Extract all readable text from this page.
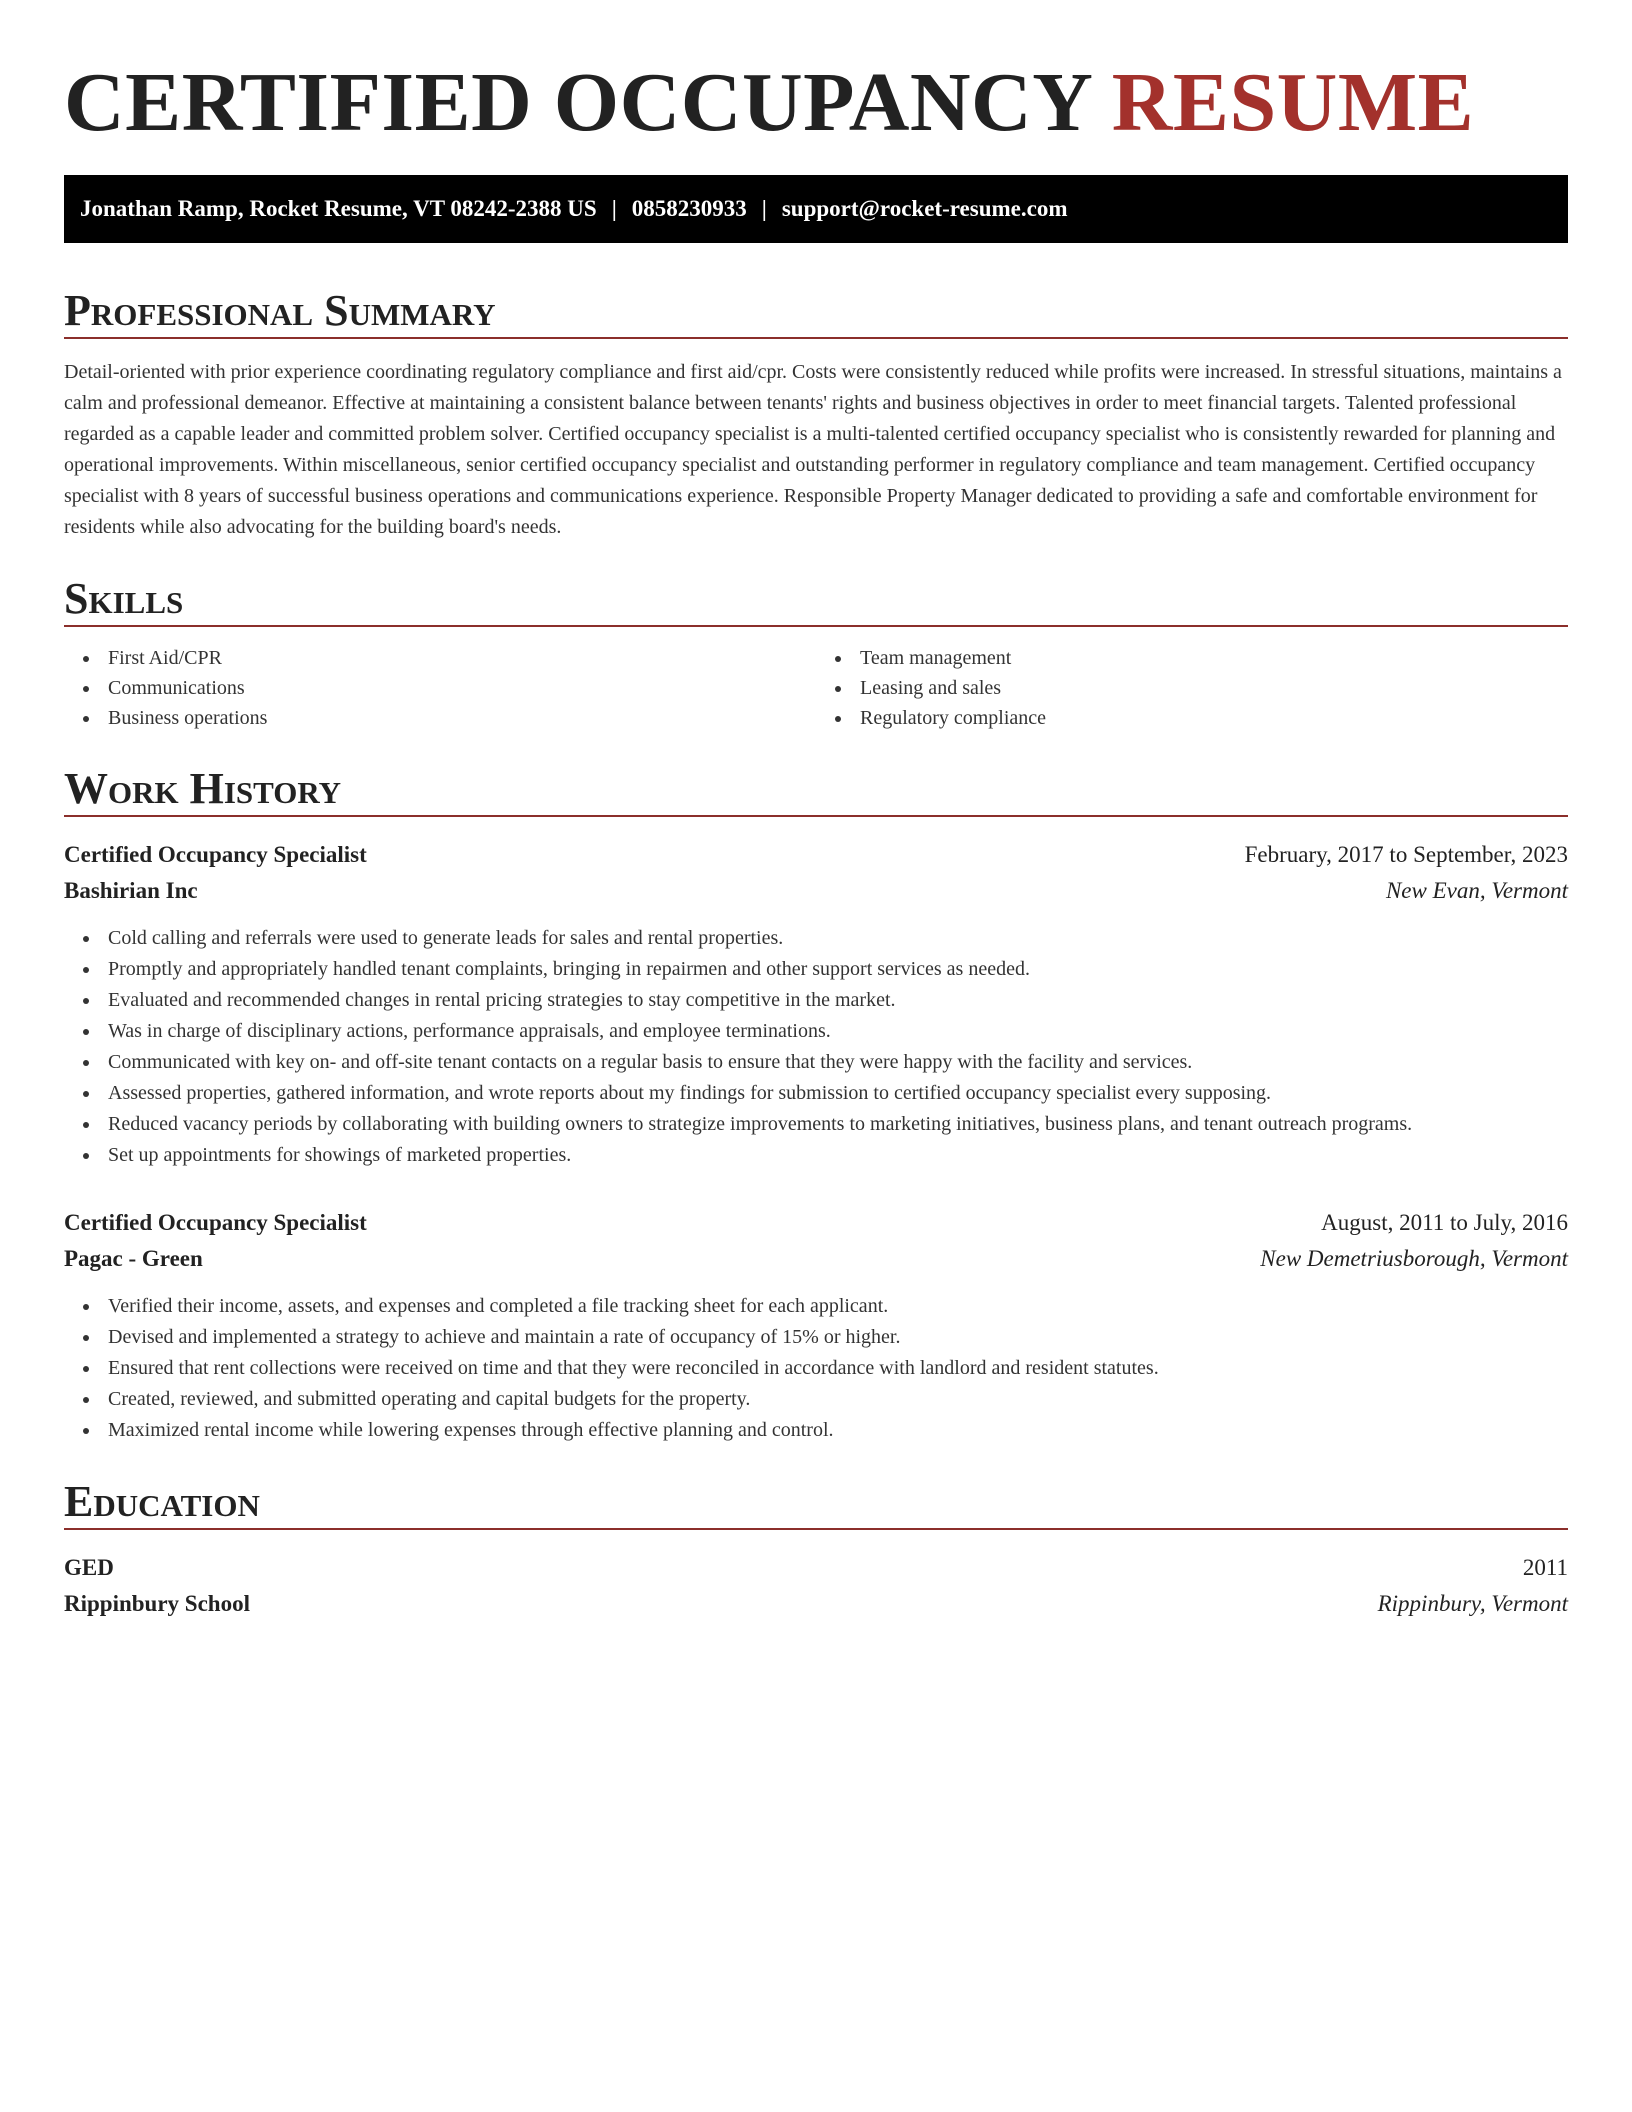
CERTIFIED OCCUPANCY RESUME
Jonathan Ramp, Rocket Resume, VT 08242-2388 US | 0858230933 | support@rocket-resume.com
Professional Summary

Detail-oriented with prior experience coordinating regulatory compliance and first aid/cpr. Costs were consistently reduced while profits were increased. In stressful situations, maintains a calm and professional demeanor. Effective at maintaining a consistent balance between tenants' rights and business objectives in order to meet financial targets. Talented professional regarded as a capable leader and committed problem solver. Certified occupancy specialist is a multi-talented certified occupancy specialist who is consistently rewarded for planning and operational improvements. Within miscellaneous, senior certified occupancy specialist and outstanding performer in regulatory compliance and team management. Certified occupancy specialist with 8 years of successful business operations and communications experience. Responsible Property Manager dedicated to providing a safe and comfortable environment for residents while also advocating for the building board's needs.

Skills
First Aid/CPR
Communications
Business operations
Team management
Leasing and sales
Regulatory compliance
Work History
Certified Occupancy Specialist	February, 2017 to September, 2023
Bashirian Inc	New Evan, Vermont
Cold calling and referrals were used to generate leads for sales and rental properties.
Promptly and appropriately handled tenant complaints, bringing in repairmen and other support services as needed.
Evaluated and recommended changes in rental pricing strategies to stay competitive in the market.
Was in charge of disciplinary actions, performance appraisals, and employee terminations.
Communicated with key on- and off-site tenant contacts on a regular basis to ensure that they were happy with the facility and services.
Assessed properties, gathered information, and wrote reports about my findings for submission to certified occupancy specialist every supposing.
Reduced vacancy periods by collaborating with building owners to strategize improvements to marketing initiatives, business plans, and tenant outreach programs.
Set up appointments for showings of marketed properties.
Certified Occupancy Specialist	August, 2011 to July, 2016
Pagac - Green	New Demetriusborough, Vermont
Verified their income, assets, and expenses and completed a file tracking sheet for each applicant.
Devised and implemented a strategy to achieve and maintain a rate of occupancy of 15% or higher.
Ensured that rent collections were received on time and that they were reconciled in accordance with landlord and resident statutes.
Created, reviewed, and submitted operating and capital budgets for the property.
Maximized rental income while lowering expenses through effective planning and control.
Education
GED	2011
Rippinbury School	Rippinbury, Vermont
